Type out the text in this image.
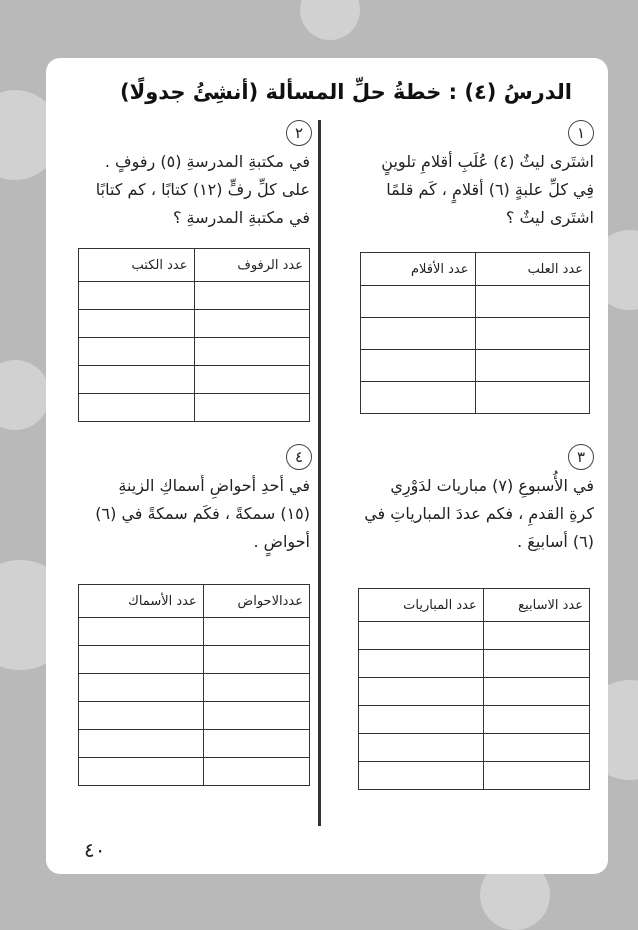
الدرسُ (٤) : خطةُ حلِّ المسألة (أنشِئُ جدولًا)
١
اشتَرى ليثٌ (٤) عُلَبِ أقلامِ تلوينٍ
فِي كلِّ علبةٍ (٦) أقلامٍ ، كَم قلمًا
اشتَرى ليثٌ ؟
عدد العلب	عدد الأقلام

٢
في مكتبةِ المدرسةِ (٥) رفوفٍ .
على كلِّ رفٍّ (١٢) كتابًا ، كم كتابًا
في مكتبةِ المدرسةِ ؟
عدد الرفوف	عدد الكتب

٣
في الأُسبوعِ (٧) مباريات لدَوْرِي
كرةِ القدمِ ، فكم عددَ المبارياتِ في
(٦) أسابيعَ .
عدد الاسابيع	عدد المباريات

٤
في أحدِ أحواضِ أسماكِ الزينةِ
(١٥) سمكةً ، فكَم سمكةً في (٦)
أحواضٍ .
عددالاحواض	عدد الأسماك

٤٠
